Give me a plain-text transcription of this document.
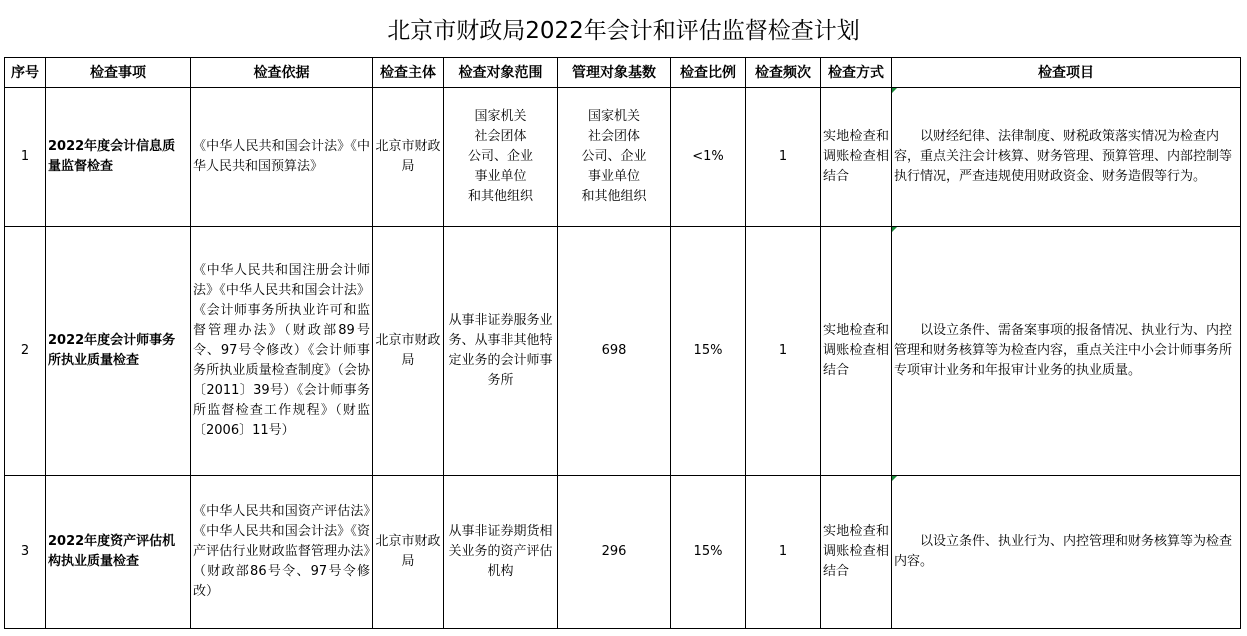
北京市财政局2022年会计和评估监督检查计划
序号	检查事项	检查依据	检查主体	检查对象范围	管理对象基数	检查比例	检查频次	检查方式	检查项目
1	2022年度会计信息质量监督检查	《中华人民共和国会计法》《中华人民共和国预算法》	北京市财政局	国家机关
社会团体
公司、企业
事业单位
和其他组织	国家机关
社会团体
公司、企业
事业单位
和其他组织	<1%	1	实地检查和调账检查相结合	以财经纪律、法律制度、财税政策落实情况为检查内容，重点关注会计核算、财务管理、预算管理、内部控制等执行情况，严查违规使用财政资金、财务造假等行为。

2	2022年度会计师事务所执业质量检查	《中华人民共和国注册会计师法》《中华人民共和国会计法》《会计师事务所执业许可和监督管理办法》（财政部89号令、97号令修改）《会计师事务所执业质量检查制度》（会协〔2011〕39号）《会计师事务所监督检查工作规程》（财监〔2006〕11号）	北京市财政局	从事非证券服务业务、从事非其他特定业务的会计师事务所	698	15%	1	实地检查和调账检查相结合	以设立条件、需备案事项的报备情况、执业行为、内控管理和财务核算等为检查内容，重点关注中小会计师事务所专项审计业务和年报审计业务的执业质量。

3	2022年度资产评估机构执业质量检查	《中华人民共和国资产评估法》《中华人民共和国会计法》《资产评估行业财政监督管理办法》（财政部86号令、97号令修改）	北京市财政局	从事非证券期货相关业务的资产评估机构	296	15%	1	实地检查和调账检查相结合	以设立条件、执业行为、内控管理和财务核算等为检查内容。
